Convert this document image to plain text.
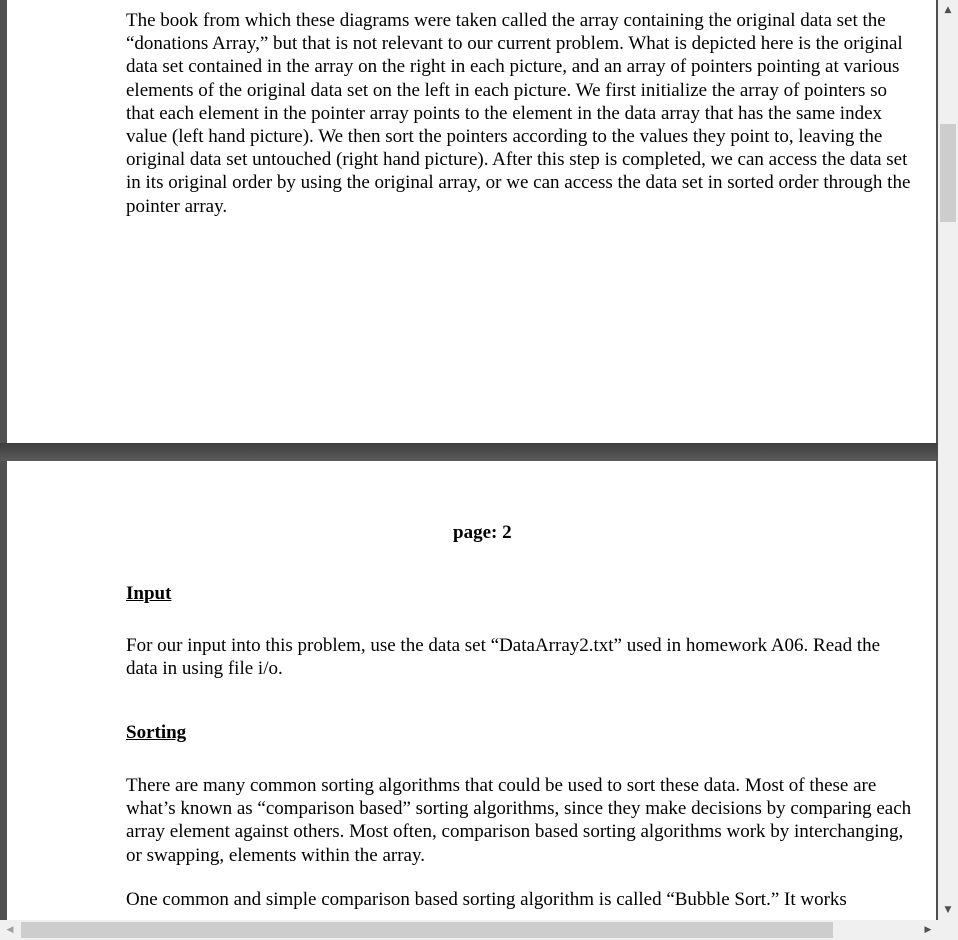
The book from which these diagrams were taken called the array containing the original data set the “donations Array,” but that is not relevant to our current problem. What is depicted here is the original data set contained in the array on the right in each picture, and an array of pointers pointing at various elements of the original data set on the left in each picture. We first initialize the array of pointers so that each element in the pointer array points to the element in the data array that has the same index value (left hand picture). We then sort the pointers according to the values they point to, leaving the original data set untouched (right hand picture). After this step is completed, we can access the data set in its original order by using the original array, or we can access the data set in sorted order through the pointer array.

page: 2
Input

For our input into this problem, use the data set “DataArray2.txt” used in homework A06. Read the data in using file i/o.

Sorting

There are many common sorting algorithms that could be used to sort these data. Most of these are what’s known as “comparison based” sorting algorithms, since they make decisions by comparing each array element against others. Most often, comparison based sorting algorithms work by interchanging, or swapping, elements within the array.

One common and simple comparison based sorting algorithm is called “Bubble Sort.” It works

▲
▼
◀	▶
